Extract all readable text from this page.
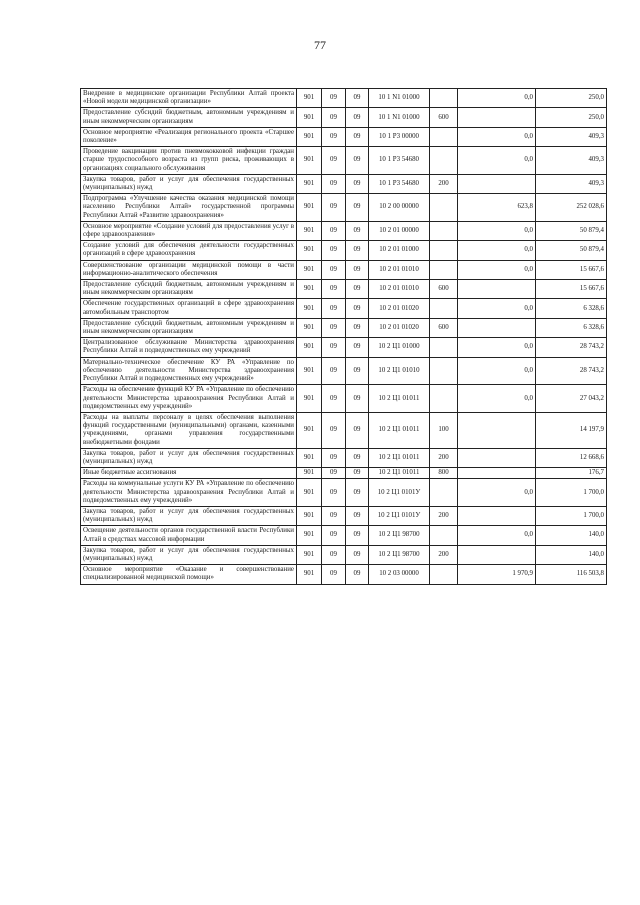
77
Внедрение в медицинские организации Республики Алтай проекта «Новой модели медицинской организации»	901	09	09	10 1 N1 01000		0,0	250,0
Предоставление субсидий бюджетным, автономным учреждениям и иным некоммерческим организациям	901	09	09	10 1 N1 01000	600		250,0
Основное мероприятие «Реализация регионального проекта «Старшее поколение»	901	09	09	10 1 P3 00000		0,0	409,3
Проведение вакцинации против пневмококковой инфекции граждан старше трудоспособного возраста из групп риска, проживающих в организациях социального обслуживания	901	09	09	10 1 P3 54680		0,0	409,3
Закупка товаров, работ и услуг для обеспечения государственных (муниципальных) нужд	901	09	09	10 1 P3 54680	200		409,3
Подпрограмма «Улучшение качества оказания медицинской помощи населению Республики Алтай» государственной программы Республики Алтай «Развитие здравоохранения»	901	09	09	10 2 00 00000		623,8	252 028,6
Основное мероприятие «Создание условий для предоставления услуг в сфере здравоохранения»	901	09	09	10 2 01 00000		0,0	50 879,4
Создание условий для обеспечения деятельности государственных организаций в сфере здравоохранения	901	09	09	10 2 01 01000		0,0	50 879,4
Совершенствование организации медицинской помощи в части информационно-аналитического обеспечения	901	09	09	10 2 01 01010		0,0	15 667,6
Предоставление субсидий бюджетным, автономным учреждениям и иным некоммерческим организациям	901	09	09	10 2 01 01010	600		15 667,6
Обеспечение государственных организаций в сфере здравоохранения автомобильным транспортом	901	09	09	10 2 01 01020		0,0	6 328,6
Предоставление субсидий бюджетным, автономным учреждениям и иным некоммерческим организациям	901	09	09	10 2 01 01020	600		6 328,6
Централизованное обслуживание Министерства здравоохранения Республики Алтай и подведомственных ему учреждений	901	09	09	10 2 Ц1 01000		0,0	28 743,2
Материально-техническое обеспечение КУ РА «Управление по обеспечению деятельности Министерства здравоохранения Республики Алтай и подведомственных ему учреждений»	901	09	09	10 2 Ц1 01010		0,0	28 743,2
Расходы на обеспечение функций КУ РА «Управление по обеспечению деятельности Министерства здравоохранения Республики Алтай и подведомственных ему учреждений»	901	09	09	10 2 Ц1 01011		0,0	27 043,2
Расходы на выплаты персоналу в целях обеспечения выполнения функций государственными (муниципальными) органами, казенными учреждениями, органами управления государственными внебюджетными фондами	901	09	09	10 2 Ц1 01011	100		14 197,9
Закупка товаров, работ и услуг для обеспечения государственных (муниципальных) нужд	901	09	09	10 2 Ц1 01011	200		12 668,6
Иные бюджетные ассигнования	901	09	09	10 2 Ц1 01011	800		176,7
Расходы на коммунальные услуги КУ РА «Управление по обеспечению деятельности Министерства здравоохранения Республики Алтай и подведомственных ему учреждений»	901	09	09	10 2 Ц1 0101У		0,0	1 700,0
Закупка товаров, работ и услуг для обеспечения государственных (муниципальных) нужд	901	09	09	10 2 Ц1 0101У	200		1 700,0
Освещение деятельности органов государственной власти Республики Алтай в средствах массовой информации	901	09	09	10 2 Ц1 98700		0,0	140,0
Закупка товаров, работ и услуг для обеспечения государственных (муниципальных) нужд	901	09	09	10 2 Ц1 98700	200		140,0
Основное мероприятие «Оказание и совершенствование специализированной медицинской помощи»	901	09	09	10 2 03 00000		1 970,9	116 503,8
